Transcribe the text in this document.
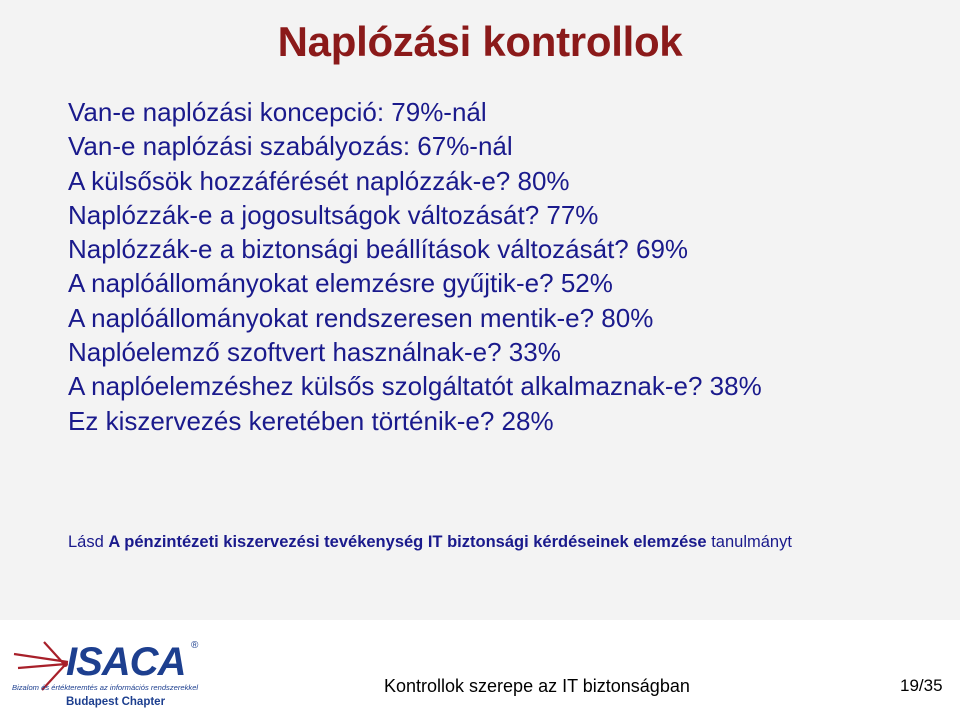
Naplózási kontrollok
Van-e naplózási koncepció: 79%-nál
Van-e naplózási szabályozás: 67%-nál
A külsősök hozzáférését naplózzák-e? 80%
Naplózzák-e a jogosultságok változását? 77%
Naplózzák-e a biztonsági beállítások változását? 69%
A naplóállományokat elemzésre gyűjtik-e? 52%
A naplóállományokat rendszeresen mentik-e? 80%
Naplóelemző szoftvert használnak-e? 33%
A naplóelemzéshez külsős szolgáltatót alkalmaznak-e? 38%
Ez kiszervezés keretében történik-e? 28%
Lásd A pénzintézeti kiszervezési tevékenység IT biztonsági kérdéseinek elemzése tanulmányt
ISACA ®
Bizalom és értékteremtés az információs rendszerekkel
Budapest Chapter
Kontrollok szerepe az IT biztonságban	19/35
